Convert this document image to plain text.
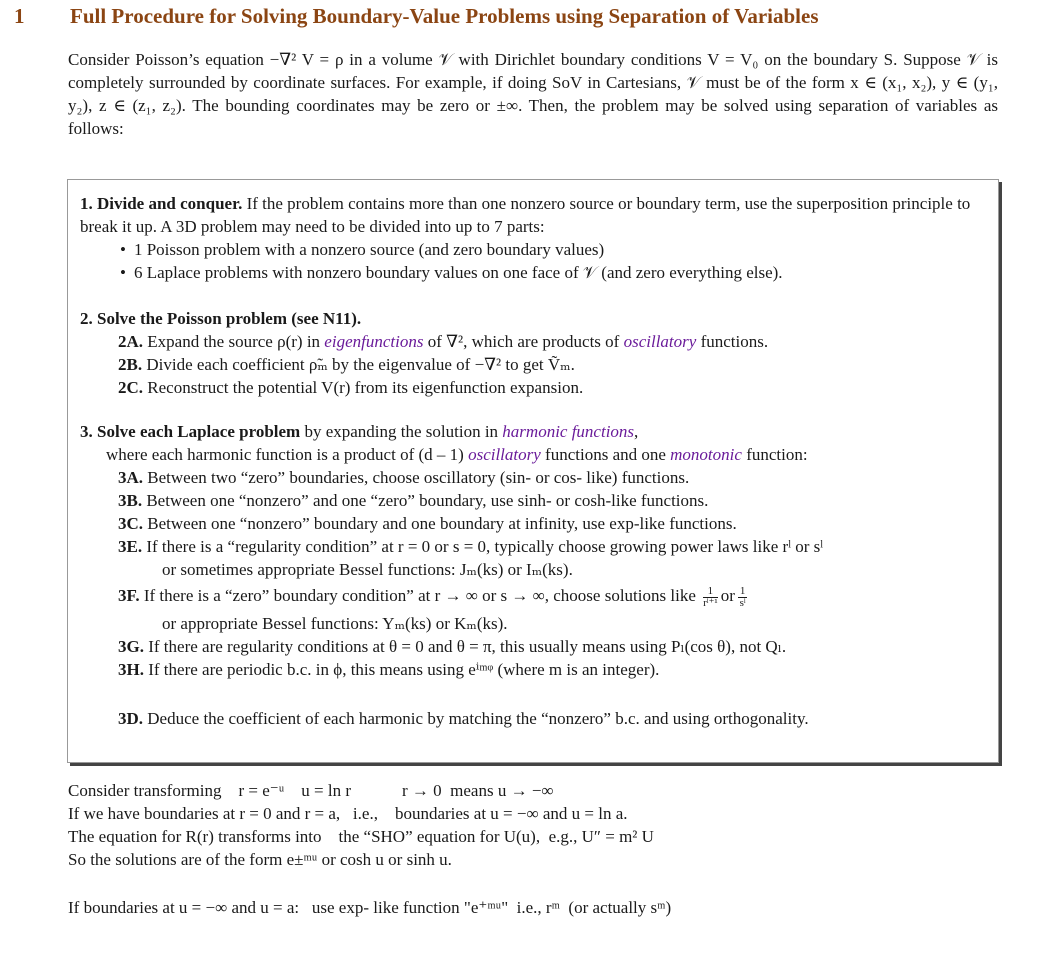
1 Full Procedure for Solving Boundary-Value Problems using Separation of Variables

Consider Poisson’s equation −∇² V = ρ in a volume 𝒱 with Dirichlet boundary conditions V = V₀ on the boundary S. Suppose 𝒱 is completely surrounded by coordinate surfaces. For example, if doing SoV in Cartesians, 𝒱 must be of the form x ∈ (x₁, x₂), y ∈ (y₁, y₂), z ∈ (z₁, z₂). The bounding coordinates may be zero or ±∞. Then, the problem may be solved using separation of variables as follows:

1. Divide and conquer. If the problem contains more than one nonzero source or boundary term, use the superposition principle to break it up. A 3D problem may need to be divided into up to 7 parts:

• 1 Poisson problem with a nonzero source (and zero boundary values)
• 6 Laplace problems with nonzero boundary values on one face of 𝒱 (and zero everything else).

2. Solve the Poisson problem (see N11).

2A. Expand the source ρ(r) in eigenfunctions of ∇², which are products of oscillatory functions.

2B. Divide each coefficient ρ̃ₘ by the eigenvalue of −∇² to get Ṽₘ.

2C. Reconstruct the potential V(r) from its eigenfunction expansion.

3. Solve each Laplace problem by expanding the solution in harmonic functions,

where each harmonic function is a product of (d – 1) oscillatory functions and one monotonic function:

3A. Between two “zero” boundaries, choose oscillatory (sin- or cos- like) functions.

3B. Between one “nonzero” and one “zero” boundary, use sinh- or cosh-like functions.

3C. Between one “nonzero” boundary and one boundary at infinity, use exp-like functions.

3E. If there is a “regularity condition” at r = 0 or s = 0, typically choose growing power laws like rˡ or sˡ

or sometimes appropriate Bessel functions: Jₘ(ks) or Iₘ(ks).

3F. If there is a “zero” boundary condition” at r → ∞ or s → ∞, choose solutions like $\frac{1}{\text{rˡ⁺¹}}$ or $\frac{1}{\text{sˡ}}$

or appropriate Bessel functions: Yₘ(ks) or Kₘ(ks).

3G. If there are regularity conditions at θ = 0 and θ = π, this usually means using Pₗ(cos θ), not Qₗ.

3H. If there are periodic b.c. in ϕ, this means using eⁱᵐᵠ (where m is an integer).

3D. Deduce the coefficient of each harmonic by matching the “nonzero” b.c. and using orthogonality.

Consider transforming    r = e⁻ᵘ    u = ln r            r → 0  means u → −∞
If we have boundaries at r = 0 and r = a,   i.e.,    boundaries at u = −∞ and u = ln a.
The equation for R(r) transforms into    the “SHO” equation for U(u),  e.g., U″ = m² U
So the solutions are of the form e±ᵐᵘ or cosh u or sinh u.
If boundaries at u = −∞ and u = a:   use exp- like function "e⁺ᵐᵘ"  i.e., rᵐ  (or actually sᵐ)
